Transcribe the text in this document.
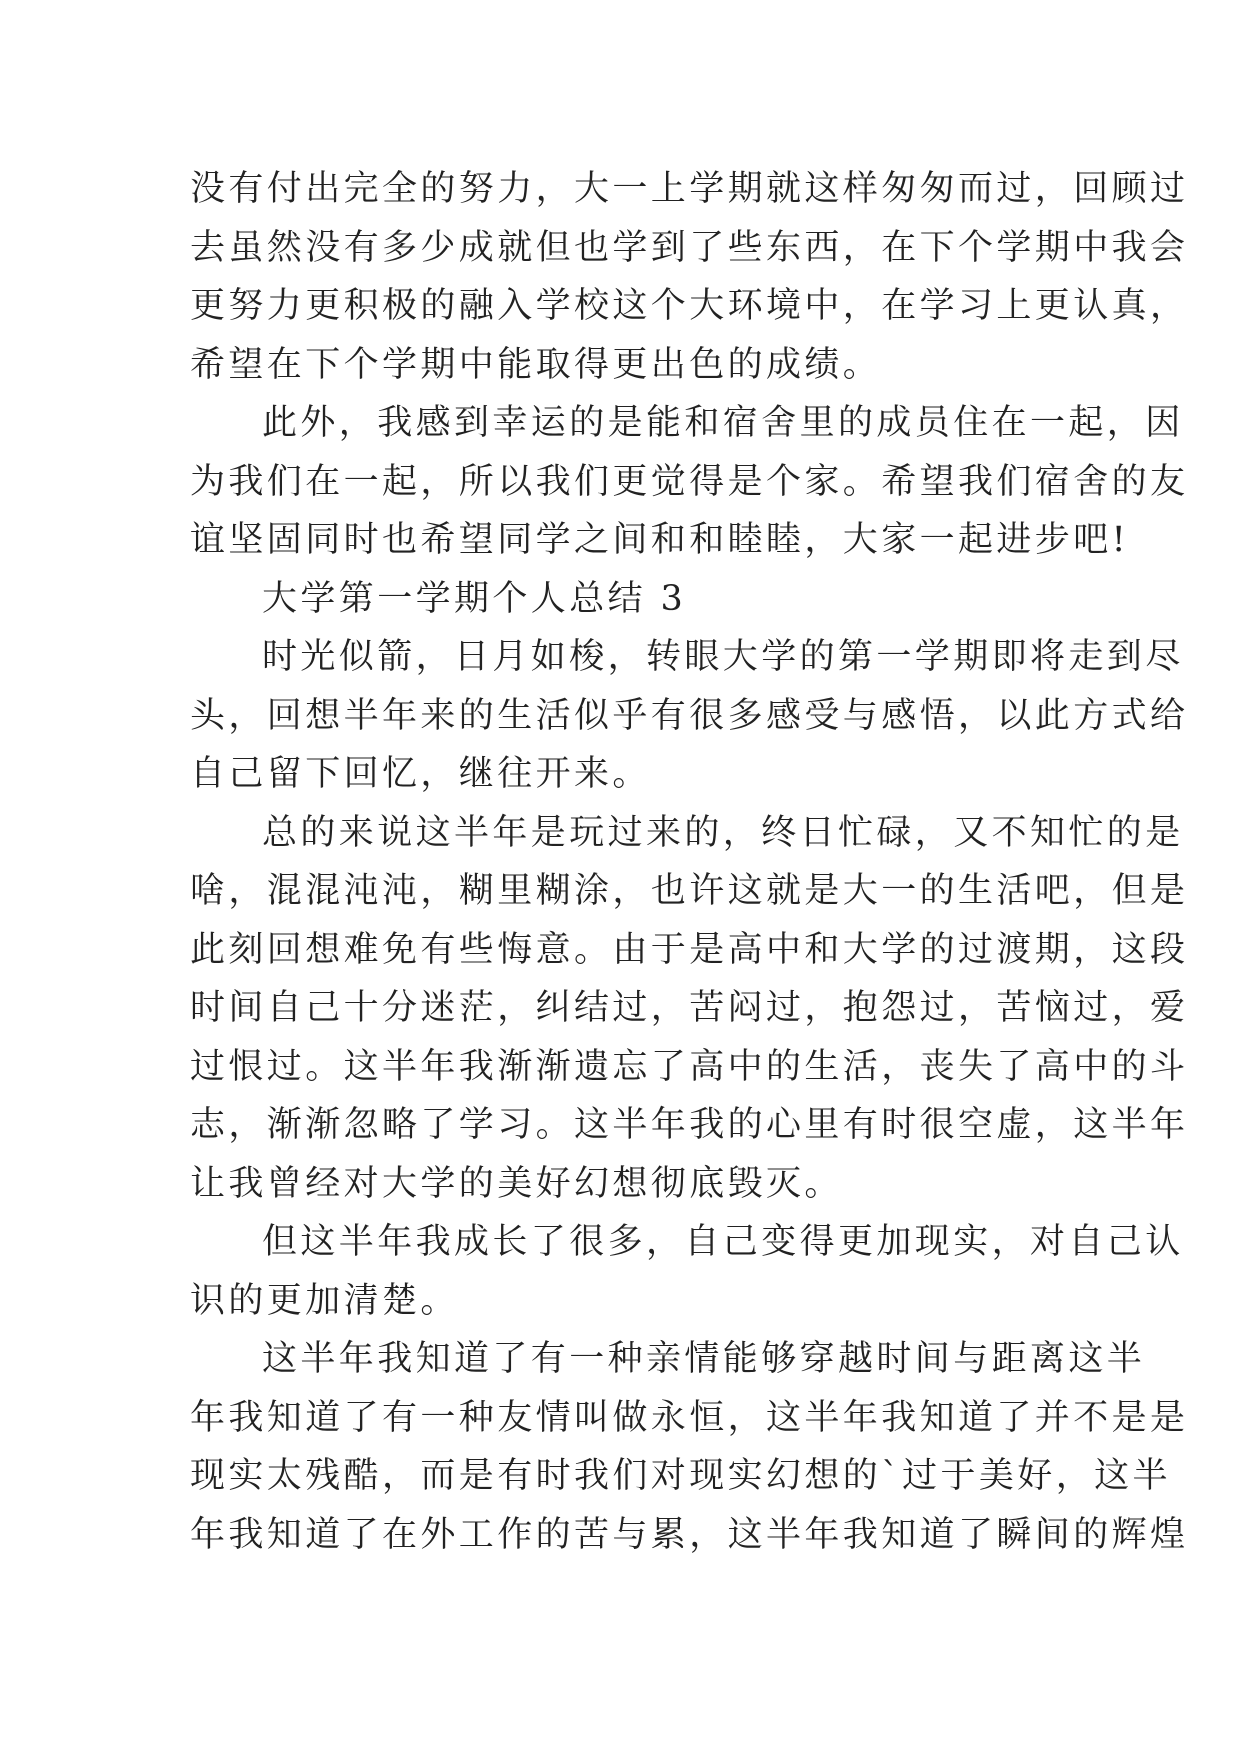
没有付出完全的努力，大一上学期就这样匆匆而过，回顾过
去虽然没有多少成就但也学到了些东西，在下个学期中我会
更努力更积极的融入学校这个大环境中，在学习上更认真，
希望在下个学期中能取得更出色的成绩。
此外，我感到幸运的是能和宿舍里的成员住在一起，因
为我们在一起，所以我们更觉得是个家。希望我们宿舍的友
谊坚固同时也希望同学之间和和睦睦，大家一起进步吧!
大学第一学期个人总结 3
时光似箭，日月如梭，转眼大学的第一学期即将走到尽
头，回想半年来的生活似乎有很多感受与感悟，以此方式给
自己留下回忆，继往开来。
总的来说这半年是玩过来的，终日忙碌，又不知忙的是
啥，混混沌沌，糊里糊涂，也许这就是大一的生活吧，但是
此刻回想难免有些悔意。由于是高中和大学的过渡期，这段
时间自己十分迷茫，纠结过，苦闷过，抱怨过，苦恼过，爱
过恨过。这半年我渐渐遗忘了高中的生活，丧失了高中的斗
志，渐渐忽略了学习。这半年我的心里有时很空虚，这半年
让我曾经对大学的美好幻想彻底毁灭。
但这半年我成长了很多，自己变得更加现实，对自己认
识的更加清楚。
这半年我知道了有一种亲情能够穿越时间与距离这半
年我知道了有一种友情叫做永恒，这半年我知道了并不是是
现实太残酷，而是有时我们对现实幻想的`过于美好，这半
年我知道了在外工作的苦与累，这半年我知道了瞬间的辉煌
